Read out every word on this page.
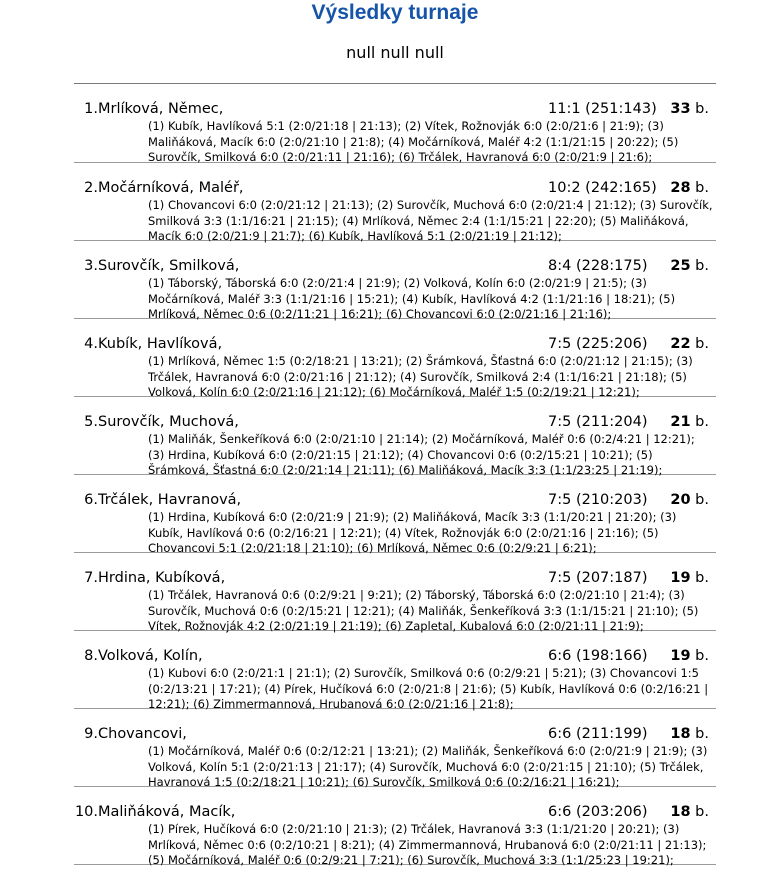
Výsledky turnaje
null null null
1. Mrlíková, Němec,	11:1 (251:143) 33 b.
(1) Kubík, Havlíková 5:1 (2:0/21:18 | 21:13); (2) Vítek, Rožnovják 6:0 (2:0/21:6 | 21:9); (3) Maliňáková, Macík 6:0 (2:0/21:10 | 21:8); (4) Močárníková, Maléř 4:2 (1:1/21:15 | 20:22); (5) Surovčík, Smilková 6:0 (2:0/21:11 | 21:16); (6) Trčálek, Havranová 6:0 (2:0/21:9 | 21:6);
2. Močárníková, Maléř,	10:2 (242:165) 28 b.
(1) Chovancovi 6:0 (2:0/21:12 | 21:13); (2) Surovčík, Muchová 6:0 (2:0/21:4 | 21:12); (3) Surovčík, Smilková 3:3 (1:1/16:21 | 21:15); (4) Mrlíková, Němec 2:4 (1:1/15:21 | 22:20); (5) Maliňáková, Macík 6:0 (2:0/21:9 | 21:7); (6) Kubík, Havlíková 5:1 (2:0/21:19 | 21:12);
3. Surovčík, Smilková,	8:4 (228:175) 25 b.
(1) Táborský, Táborská 6:0 (2:0/21:4 | 21:9); (2) Volková, Kolín 6:0 (2:0/21:9 | 21:5); (3) Močárníková, Maléř 3:3 (1:1/21:16 | 15:21); (4) Kubík, Havlíková 4:2 (1:1/21:16 | 18:21); (5) Mrlíková, Němec 0:6 (0:2/11:21 | 16:21); (6) Chovancovi 6:0 (2:0/21:16 | 21:16);
4. Kubík, Havlíková,	7:5 (225:206) 22 b.
(1) Mrlíková, Němec 1:5 (0:2/18:21 | 13:21); (2) Šrámková, Šťastná 6:0 (2:0/21:12 | 21:15); (3) Trčálek, Havranová 6:0 (2:0/21:16 | 21:12); (4) Surovčík, Smilková 2:4 (1:1/16:21 | 21:18); (5) Volková, Kolín 6:0 (2:0/21:16 | 21:12); (6) Močárníková, Maléř 1:5 (0:2/19:21 | 12:21);
5. Surovčík, Muchová,	7:5 (211:204) 21 b.
(1) Maliňák, Šenkeříková 6:0 (2:0/21:10 | 21:14); (2) Močárníková, Maléř 0:6 (0:2/4:21 | 12:21); (3) Hrdina, Kubíková 6:0 (2:0/21:15 | 21:12); (4) Chovancovi 0:6 (0:2/15:21 | 10:21); (5) Šrámková, Šťastná 6:0 (2:0/21:14 | 21:11); (6) Maliňáková, Macík 3:3 (1:1/23:25 | 21:19);
6. Trčálek, Havranová,	7:5 (210:203) 20 b.
(1) Hrdina, Kubíková 6:0 (2:0/21:9 | 21:9); (2) Maliňáková, Macík 3:3 (1:1/20:21 | 21:20); (3) Kubík, Havlíková 0:6 (0:2/16:21 | 12:21); (4) Vítek, Rožnovják 6:0 (2:0/21:16 | 21:16); (5) Chovancovi 5:1 (2:0/21:18 | 21:10); (6) Mrlíková, Němec 0:6 (0:2/9:21 | 6:21);
7. Hrdina, Kubíková,	7:5 (207:187) 19 b.
(1) Trčálek, Havranová 0:6 (0:2/9:21 | 9:21); (2) Táborský, Táborská 6:0 (2:0/21:10 | 21:4); (3) Surovčík, Muchová 0:6 (0:2/15:21 | 12:21); (4) Maliňák, Šenkeříková 3:3 (1:1/15:21 | 21:10); (5) Vítek, Rožnovják 4:2 (2:0/21:19 | 21:19); (6) Zapletal, Kubalová 6:0 (2:0/21:11 | 21:9);
8. Volková, Kolín,	6:6 (198:166) 19 b.
(1) Kubovi 6:0 (2:0/21:1 | 21:1); (2) Surovčík, Smilková 0:6 (0:2/9:21 | 5:21); (3) Chovancovi 1:5 (0:2/13:21 | 17:21); (4) Pírek, Hučíková 6:0 (2:0/21:8 | 21:6); (5) Kubík, Havlíková 0:6 (0:2/16:21 | 12:21); (6) Zimmermannová, Hrubanová 6:0 (2:0/21:16 | 21:8);
9. Chovancovi,	6:6 (211:199) 18 b.
(1) Močárníková, Maléř 0:6 (0:2/12:21 | 13:21); (2) Maliňák, Šenkeříková 6:0 (2:0/21:9 | 21:9); (3) Volková, Kolín 5:1 (2:0/21:13 | 21:17); (4) Surovčík, Muchová 6:0 (2:0/21:15 | 21:10); (5) Trčálek, Havranová 1:5 (0:2/18:21 | 10:21); (6) Surovčík, Smilková 0:6 (0:2/16:21 | 16:21);
10. Maliňáková, Macík,	6:6 (203:206) 18 b.
(1) Pírek, Hučíková 6:0 (2:0/21:10 | 21:3); (2) Trčálek, Havranová 3:3 (1:1/21:20 | 20:21); (3) Mrlíková, Němec 0:6 (0:2/10:21 | 8:21); (4) Zimmermannová, Hrubanová 6:0 (2:0/21:11 | 21:13); (5) Močárníková, Maléř 0:6 (0:2/9:21 | 7:21); (6) Surovčík, Muchová 3:3 (1:1/25:23 | 19:21);
